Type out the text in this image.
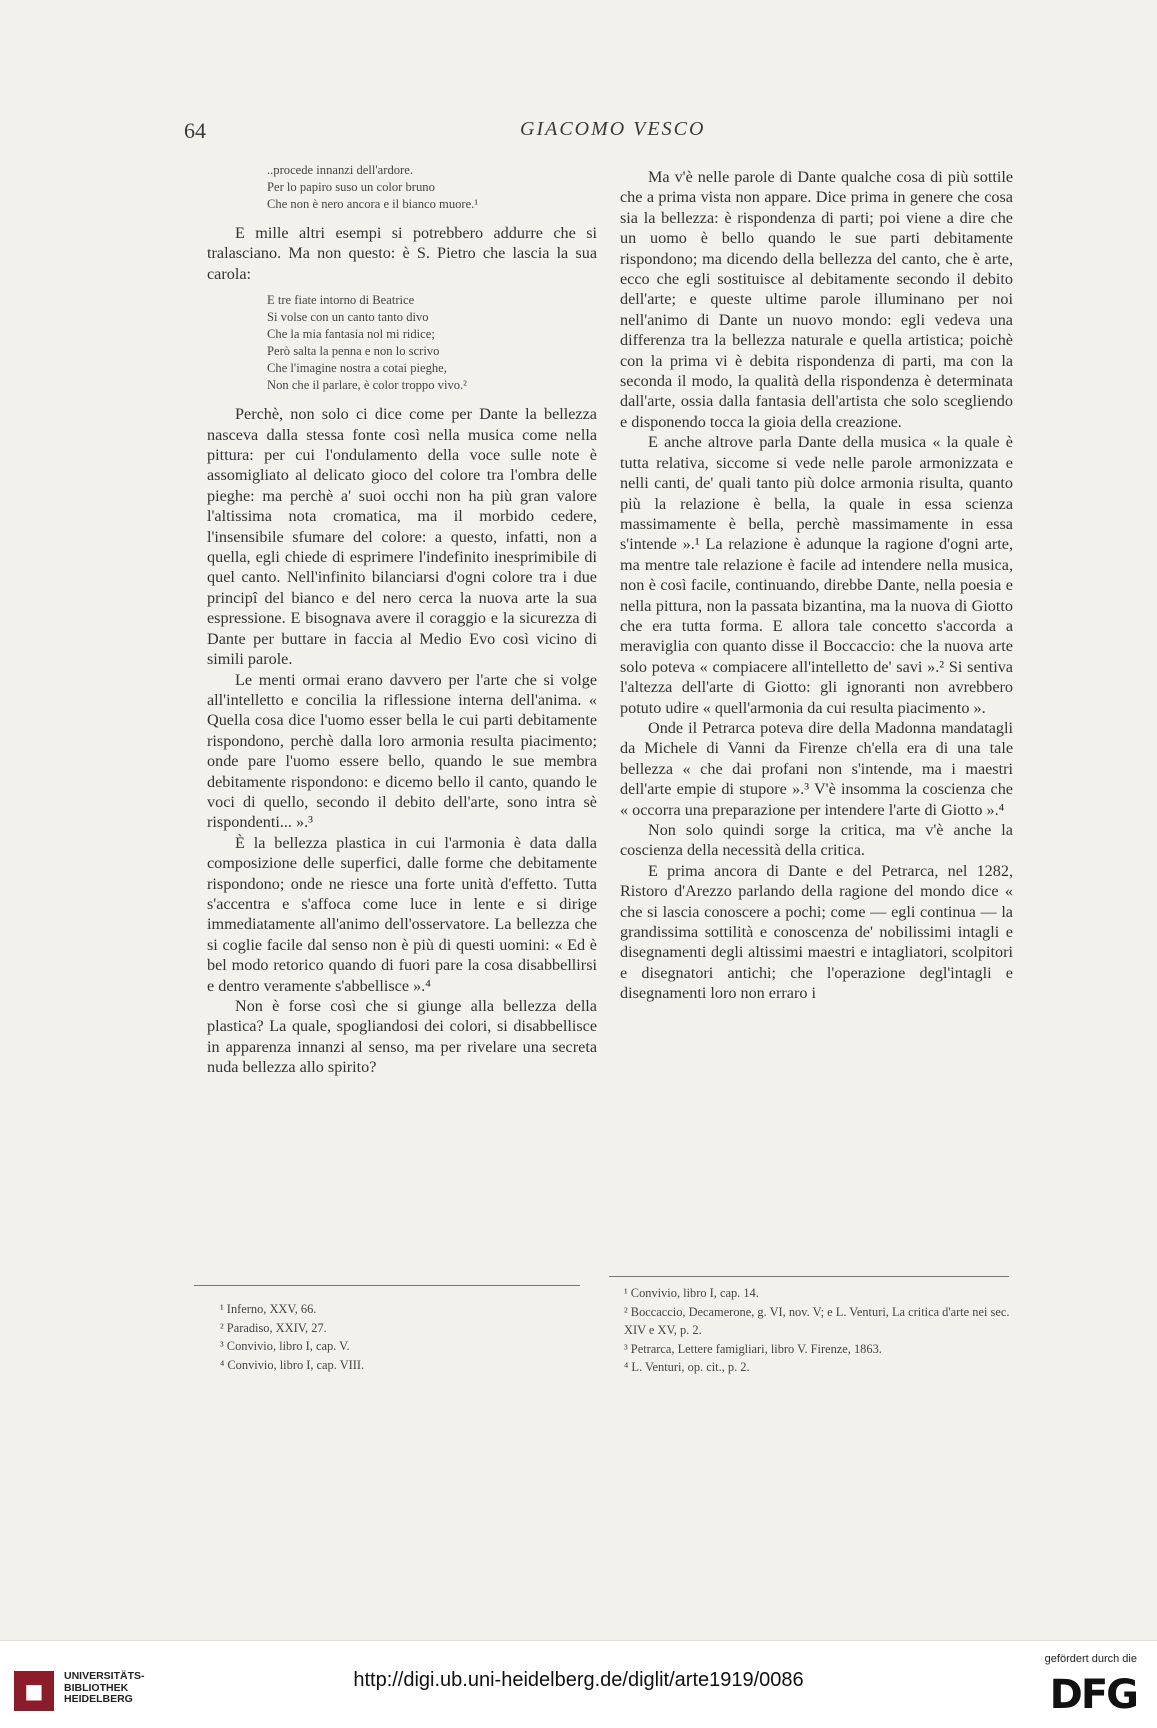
64	GIACOMO VESCO
..procede innanzi dell'ardore.
Per lo papiro suso un color bruno
Che non è nero ancora e il bianco muore.¹

E mille altri esempi si potrebbero addurre che si tralasciano. Ma non questo: è S. Pietro che lascia la sua carola:

E tre fiate intorno di Beatrice
Si volse con un canto tanto divo
Che la mia fantasia nol mi ridice;
Però salta la penna e non lo scrivo
Che l'imagine nostra a cotai pieghe,
Non che il parlare, è color troppo vivo.²

Perchè, non solo ci dice come per Dante la bellezza nasceva dalla stessa fonte così nella musica come nella pittura: per cui l'ondulamento della voce sulle note è assomigliato al delicato gioco del colore tra l'ombra delle pieghe: ma perchè a' suoi occhi non ha più gran valore l'altissima nota cromatica, ma il morbido cedere, l'insensibile sfumare del colore: a questo, infatti, non a quella, egli chiede di esprimere l'indefinito inesprimibile di quel canto. Nell'infinito bilanciarsi d'ogni colore tra i due principî del bianco e del nero cerca la nuova arte la sua espressione. E bisognava avere il coraggio e la sicurezza di Dante per buttare in faccia al Medio Evo così vicino di simili parole.

Le menti ormai erano davvero per l'arte che si volge all'intelletto e concilia la riflessione interna dell'anima. « Quella cosa dice l'uomo esser bella le cui parti debitamente rispondono, perchè dalla loro armonia resulta piacimento; onde pare l'uomo essere bello, quando le sue membra debitamente rispondono: e dicemo bello il canto, quando le voci di quello, secondo il debito dell'arte, sono intra sè rispondenti... ».³

È la bellezza plastica in cui l'armonia è data dalla composizione delle superfici, dalle forme che debitamente rispondono; onde ne riesce una forte unità d'effetto. Tutta s'accentra e s'affoca come luce in lente e si dirige immediatamente all'animo dell'osservatore. La bellezza che si coglie facile dal senso non è più di questi uomini: « Ed è bel modo retorico quando di fuori pare la cosa disabbellirsi e dentro veramente s'abbellisce ».⁴

Non è forse così che si giunge alla bellezza della plastica? La quale, spogliandosi dei colori, si disabbellisce in apparenza innanzi al senso, ma per rivelare una secreta nuda bellezza allo spirito?

Ma v'è nelle parole di Dante qualche cosa di più sottile che a prima vista non appare. Dice prima in genere che cosa sia la bellezza: è rispondenza di parti; poi viene a dire che un uomo è bello quando le sue parti debitamente rispondono; ma dicendo della bellezza del canto, che è arte, ecco che egli sostituisce al debitamente secondo il debito dell'arte; e queste ultime parole illuminano per noi nell'animo di Dante un nuovo mondo: egli vedeva una differenza tra la bellezza naturale e quella artistica; poichè con la prima vi è debita rispondenza di parti, ma con la seconda il modo, la qualità della rispondenza è determinata dall'arte, ossia dalla fantasia dell'artista che solo scegliendo e disponendo tocca la gioia della creazione.

E anche altrove parla Dante della musica « la quale è tutta relativa, siccome si vede nelle parole armonizzata e nelli canti, de' quali tanto più dolce armonia risulta, quanto più la relazione è bella, la quale in essa scienza massimamente è bella, perchè massimamente in essa s'intende ».¹ La relazione è adunque la ragione d'ogni arte, ma mentre tale relazione è facile ad intendere nella musica, non è così facile, continuando, direbbe Dante, nella poesia e nella pittura, non la passata bizantina, ma la nuova di Giotto che era tutta forma. E allora tale concetto s'accorda a meraviglia con quanto disse il Boccaccio: che la nuova arte solo poteva « compiacere all'intelletto de' savi ».² Si sentiva l'altezza dell'arte di Giotto: gli ignoranti non avrebbero potuto udire « quell'armonia da cui resulta piacimento ».

Onde il Petrarca poteva dire della Madonna mandatagli da Michele di Vanni da Firenze ch'ella era di una tale bellezza « che dai profani non s'intende, ma i maestri dell'arte empie di stupore ».³ V'è insomma la coscienza che « occorra una preparazione per intendere l'arte di Giotto ».⁴

Non solo quindi sorge la critica, ma v'è anche la coscienza della necessità della critica.

E prima ancora di Dante e del Petrarca, nel 1282, Ristoro d'Arezzo parlando della ragione del mondo dice « che si lascia conoscere a pochi; come — egli continua — la grandissima sottilità e conoscenza de' nobilissimi intagli e disegnamenti degli altissimi maestri e intagliatori, scolpitori e disegnatori antichi; che l'operazione degl'intagli e disegnamenti loro non erraro i

¹ Inferno, XXV, 66.
² Paradiso, XXIV, 27.
³ Convivio, libro I, cap. V.
⁴ Convivio, libro I, cap. VIII.
¹ Convivio, libro I, cap. 14.
² Boccaccio, Decamerone, g. VI, nov. V; e L. Venturi, La critica d'arte nei sec. XIV e XV, p. 2.
³ Petrarca, Lettere famigliari, libro V. Firenze, 1863.
⁴ L. Venturi, op. cit., p. 2.
■
UNIVERSITÄTS-
BIBLIOTHEK
HEIDELBERG
http://digi.ub.uni-heidelberg.de/diglit/arte1919/0086
gefördert durch die
DFG
